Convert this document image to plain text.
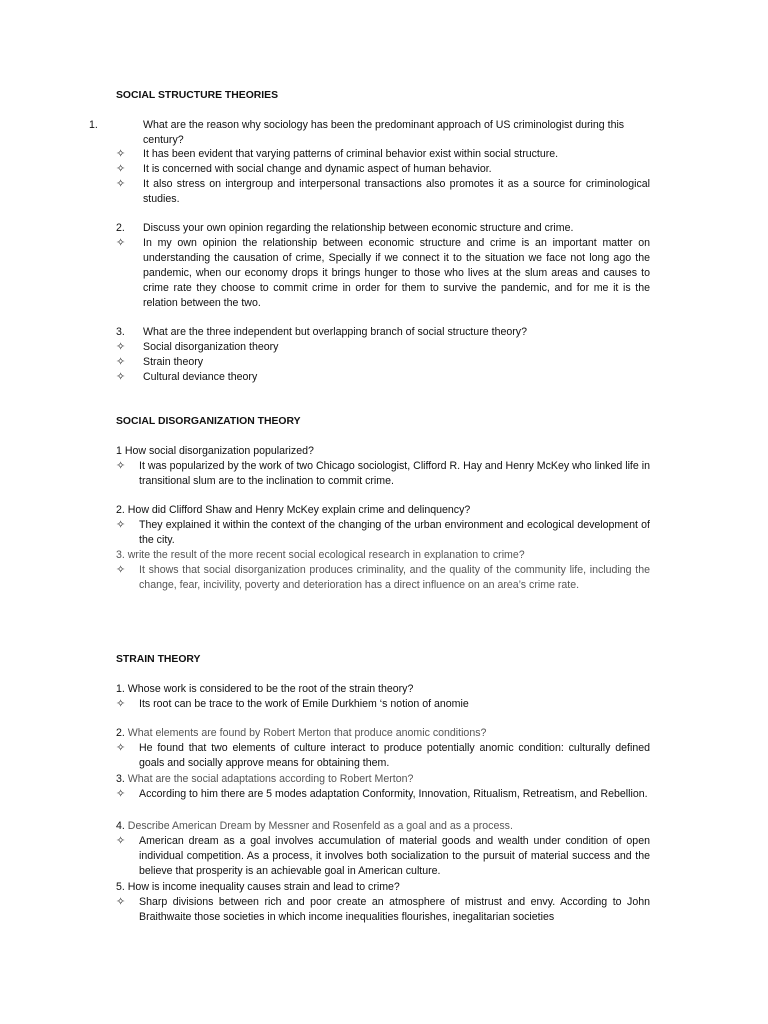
SOCIAL STRUCTURE THEORIES
1.	What are the reason why sociology has been the predominant approach of US criminologist during this century?
✧	It has been evident that varying patterns of criminal behavior exist within social structure.
✧	It is concerned with social change and dynamic aspect of human behavior.
✧	It also stress on intergroup and interpersonal transactions also promotes it as a source for criminological studies.
2. Discuss your own opinion regarding the relationship between economic structure and crime.
✧	In my own opinion the relationship between economic structure and crime is an important matter on understanding the causation of crime, Specially if we connect it to the situation we face not long ago the pandemic, when our economy drops it brings hunger to those who lives at the slum areas and causes to crime rate they choose to commit crime in order for them to survive the pandemic, and for me it is the relation between the two.
3. What are the three independent but overlapping branch of social structure theory?
✧	Social disorganization theory
✧	Strain theory
✧	Cultural deviance theory
SOCIAL DISORGANIZATION THEORY
1 How social disorganization popularized?
✧	It was popularized by the work of two Chicago sociologist, Clifford R. Hay and Henry McKey who linked life in transitional slum are to the inclination to commit crime.
2. How did Clifford Shaw and Henry McKey explain crime and delinquency?
✧	They explained it within the context of the changing of the urban environment and ecological development of the city.
3. write the result of the more recent social ecological research in explanation to crime?
✧	It shows that social disorganization produces criminality, and the quality of the community life, including the change, fear, incivility, poverty and deterioration has a direct influence on an area’s crime rate.
STRAIN THEORY
1. Whose work is considered to be the root of the strain theory?
✧	Its root can be trace to the work of Emile Durkhiem ‘s notion of anomie
2. What elements are found by Robert Merton that produce anomic conditions?
✧	He found that two elements of culture interact to produce potentially anomic condition: culturally defined goals and socially approve means for obtaining them.
3. What are the social adaptations according to Robert Merton?
✧	According to him there are 5 modes adaptation Conformity, Innovation, Ritualism, Retreatism, and Rebellion.
4. Describe American Dream by Messner and Rosenfeld as a goal and as a process.
✧	American dream as a goal involves accumulation of material goods and wealth under condition of open individual competition. As a process, it involves both socialization to the pursuit of material success and the believe that prosperity is an achievable goal in American culture.
5. How is income inequality causes strain and lead to crime?
✧	Sharp divisions between rich and poor create an atmosphere of mistrust and envy. According to John Braithwaite those societies in which income inequalities flourishes, inegalitarian societies
